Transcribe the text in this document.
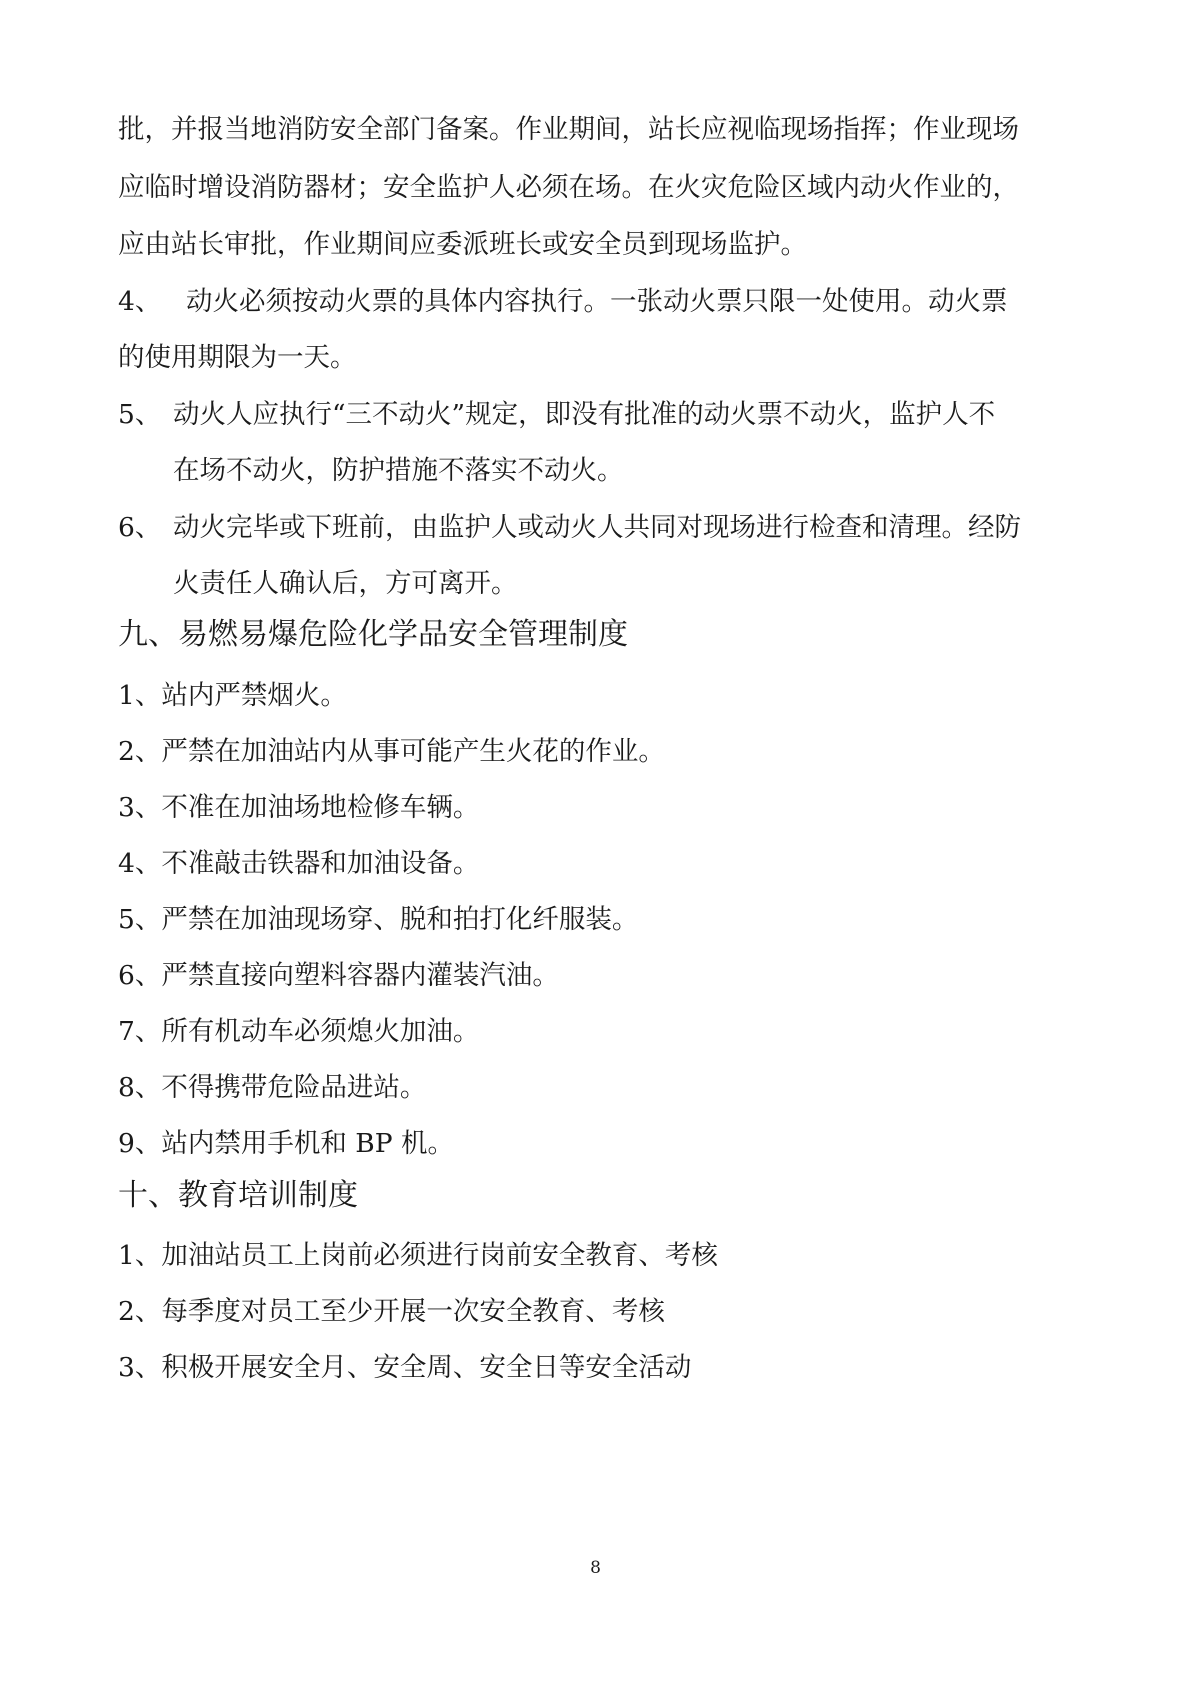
批，并报当地消防安全部门备案。作业期间，站长应视临现场指挥；作业现场
应临时增设消防器材；安全监护人必须在场。在火灾危险区域内动火作业的，
应由站长审批，作业期间应委派班长或安全员到现场监护。
4、 动火必须按动火票的具体内容执行。一张动火票只限一处使用。动火票
的使用期限为一天。
5、 动火人应执行“三不动火”规定，即没有批准的动火票不动火，监护人不
在场不动火，防护措施不落实不动火。
6、 动火完毕或下班前，由监护人或动火人共同对现场进行检查和清理。经防
火责任人确认后，方可离开。
九、易燃易爆危险化学品安全管理制度
1、站内严禁烟火。
2、严禁在加油站内从事可能产生火花的作业。
3、不准在加油场地检修车辆。
4、不准敲击铁器和加油设备。
5、严禁在加油现场穿、脱和拍打化纤服装。
6、严禁直接向塑料容器内灌装汽油。
7、所有机动车必须熄火加油。
8、不得携带危险品进站。
9、站内禁用手机和 BP 机。
十、教育培训制度
1、加油站员工上岗前必须进行岗前安全教育、考核
2、每季度对员工至少开展一次安全教育、考核
3、积极开展安全月、安全周、安全日等安全活动
8
